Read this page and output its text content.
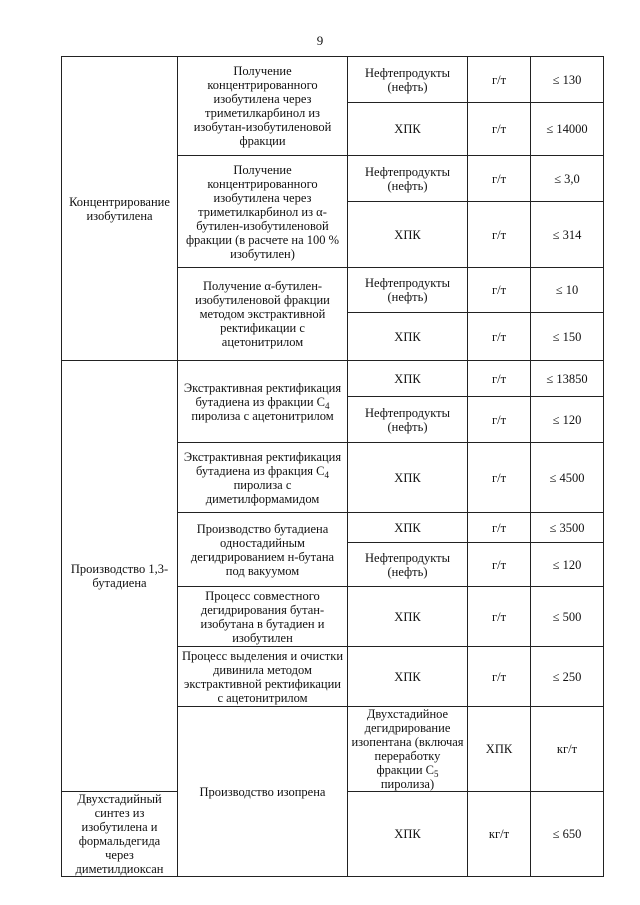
9
Концентрирование изобутилена	Получение концентрированного изобутилена через триметилкарбинол из изобутан-изобутиленовой фракции	Нефтепродукты (нефть)	г/т	≤ 130	
		ХПК	г/т	≤ 14000	
	Получение концентрированного изобутилена через триметилкарбинол из α-бутилен-изобутиленовой фракции (в расчете на 100 % изобутилен)	Нефтепродукты (нефть)	г/т	≤ 3,0	
		ХПК	г/т	≤ 314	
	Получение α-бутилен-изобутиленовой фракции методом экстрактивной ректификации с ацетонитрилом	Нефтепродукты (нефть)	г/т	≤ 10	
		ХПК	г/т	≤ 150	
Производство 1,3-бутадиена	Экстрактивная ректификация бутадиена из фракции $С_4$ пиролиза с ацетонитрилом	ХПК	г/т	≤ 13850	
		Нефтепродукты (нефть)	г/т	≤ 120	
	Экстрактивная ректификация бутадиена из фракция $С_4$ пиролиза с диметилформамидом	ХПК	г/т	≤ 4500	
	Производство бутадиена одностадийным дегидрированием н-бутана под вакуумом	ХПК	г/т	≤ 3500	
		Нефтепродукты (нефть)	г/т	≤ 120	
	Процесс совместного дегидрирования бутан-изобутана в бутадиен и изобутилен	ХПК	г/т	≤ 500	
	Процесс выделения и очистки дивинила методом экстрактивной ректификации с ацетонитрилом	ХПК	г/т	≤ 250	
	Производство изопрена	Двухстадийное дегидрирование изопентана (включая переработку фракции $С_5$ пиролиза)	ХПК	кг/т	
Двухстадийный синтез из изобутилена и формальдегида через диметилдиоксан		ХПК	кг/т	≤ 650	
